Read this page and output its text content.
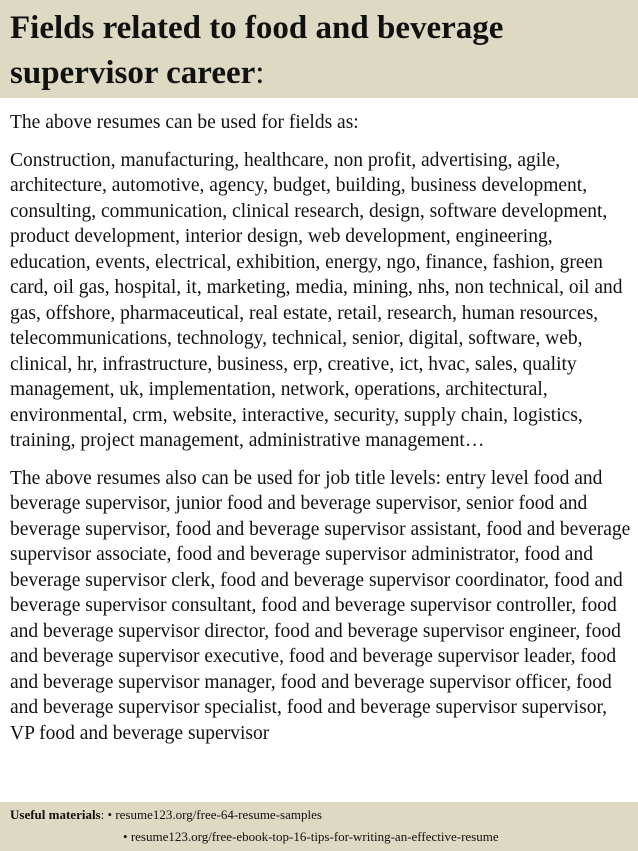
Fields related to food and beverage supervisor career:

The above resumes can be used for fields as:

Construction, manufacturing, healthcare, non profit, advertising, agile, architecture, automotive, agency, budget, building, business development, consulting, communication, clinical research, design, software development, product development, interior design, web development, engineering, education, events, electrical, exhibition, energy, ngo, finance, fashion, green card, oil gas, hospital, it, marketing, media, mining, nhs, non technical, oil and gas, offshore, pharmaceutical, real estate, retail, research, human resources, telecommunications, technology, technical, senior, digital, software, web, clinical, hr, infrastructure, business, erp, creative, ict, hvac, sales, quality management, uk, implementation, network, operations, architectural, environmental, crm, website, interactive, security, supply chain, logistics, training, project management, administrative management…

The above resumes also can be used for job title levels: entry level food and beverage supervisor, junior food and beverage supervisor, senior food and beverage supervisor, food and beverage supervisor assistant, food and beverage supervisor associate, food and beverage supervisor administrator, food and beverage supervisor clerk, food and beverage supervisor coordinator, food and beverage supervisor consultant, food and beverage supervisor controller, food and beverage supervisor director, food and beverage supervisor engineer, food and beverage supervisor executive, food and beverage supervisor leader, food and beverage supervisor manager, food and beverage supervisor officer, food and beverage supervisor specialist, food and beverage supervisor supervisor, VP food and beverage supervisor

Useful materials: • resume123.org/free-64-resume-samples
• resume123.org/free-ebook-top-16-tips-for-writing-an-effective-resume
